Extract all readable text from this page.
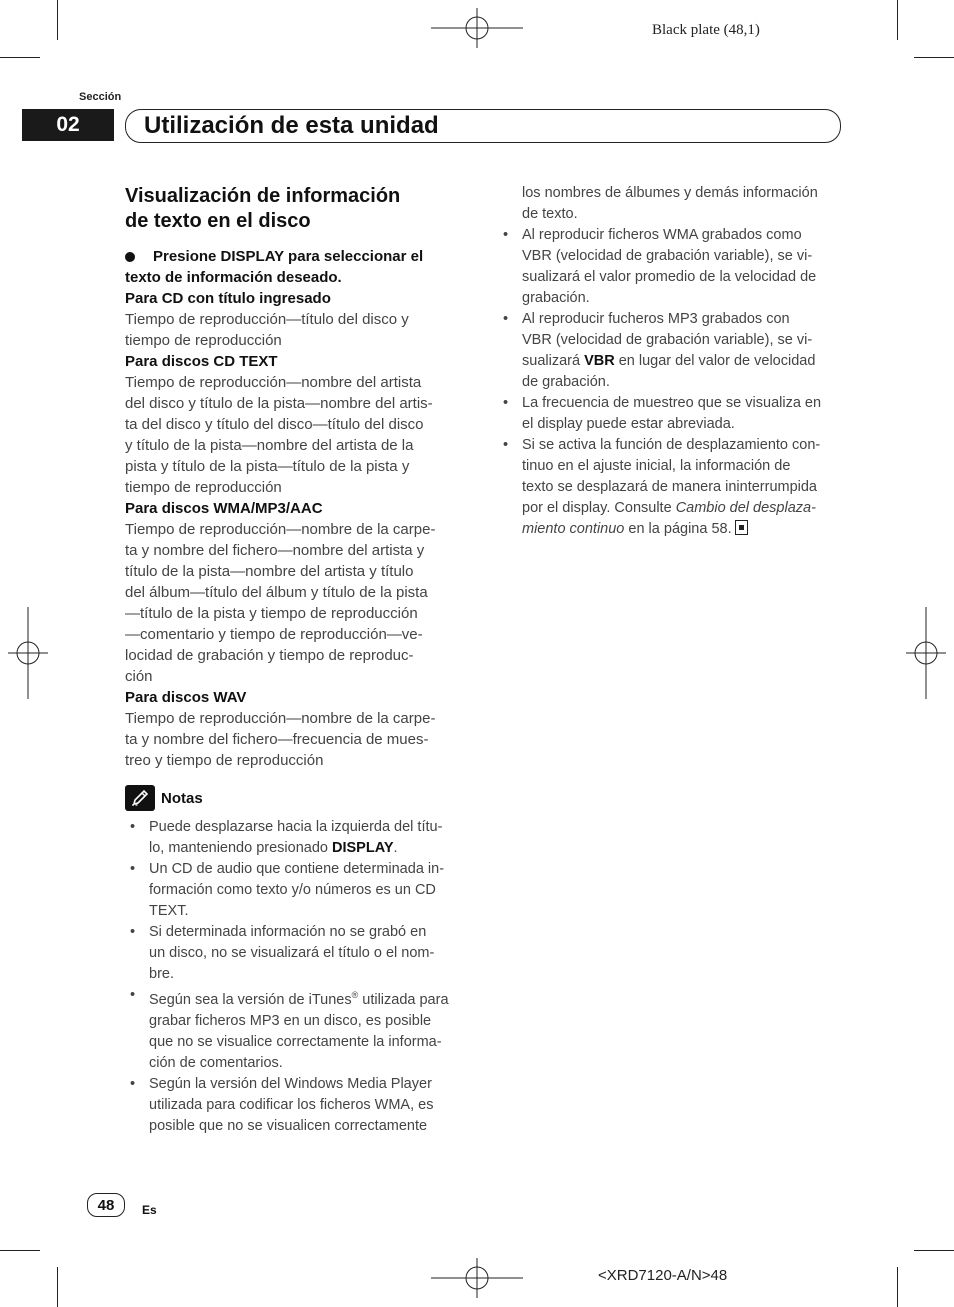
Black plate (48,1)
Sección
02	Utilización de esta unidad
Visualización de información
de texto en el disco
Presione DISPLAY para seleccionar el
texto de información deseado.
Para CD con título ingresado
Tiempo de reproducción—título del disco y
tiempo de reproducción
Para discos CD TEXT
Tiempo de reproducción—nombre del artista
del disco y título de la pista—nombre del artis-
ta del disco y título del disco—título del disco
y título de la pista—nombre del artista de la
pista y título de la pista—título de la pista y
tiempo de reproducción
Para discos WMA/MP3/AAC
Tiempo de reproducción—nombre de la carpe-
ta y nombre del fichero—nombre del artista y
título de la pista—nombre del artista y título
del álbum—título del álbum y título de la pista
—título de la pista y tiempo de reproducción
—comentario y tiempo de reproducción—ve-
locidad de grabación y tiempo de reproduc-
ción
Para discos WAV
Tiempo de reproducción—nombre de la carpe-
ta y nombre del fichero—frecuencia de mues-
treo y tiempo de reproducción
Notas
• Puede desplazarse hacia la izquierda del títu-
lo, manteniendo presionado DISPLAY.
• Un CD de audio que contiene determinada in-
formación como texto y/o números es un CD
TEXT.
• Si determinada información no se grabó en
un disco, no se visualizará el título o el nom-
bre.
• Según sea la versión de iTunes® utilizada para
grabar ficheros MP3 en un disco, es posible
que no se visualice correctamente la informa-
ción de comentarios.
• Según la versión del Windows Media Player
utilizada para codificar los ficheros WMA, es
posible que no se visualicen correctamente
los nombres de álbumes y demás información
de texto.
• Al reproducir ficheros WMA grabados como
VBR (velocidad de grabación variable), se vi-
sualizará el valor promedio de la velocidad de
grabación.
• Al reproducir fucheros MP3 grabados con
VBR (velocidad de grabación variable), se vi-
sualizará VBR en lugar del valor de velocidad
de grabación.
• La frecuencia de muestreo que se visualiza en
el display puede estar abreviada.
• Si se activa la función de desplazamiento con-
tinuo en el ajuste inicial, la información de
texto se desplazará de manera ininterrumpida
por el display. Consulte Cambio del desplaza-
miento continuo en la página 58.
48	Es
<XRD7120-A/N>48
